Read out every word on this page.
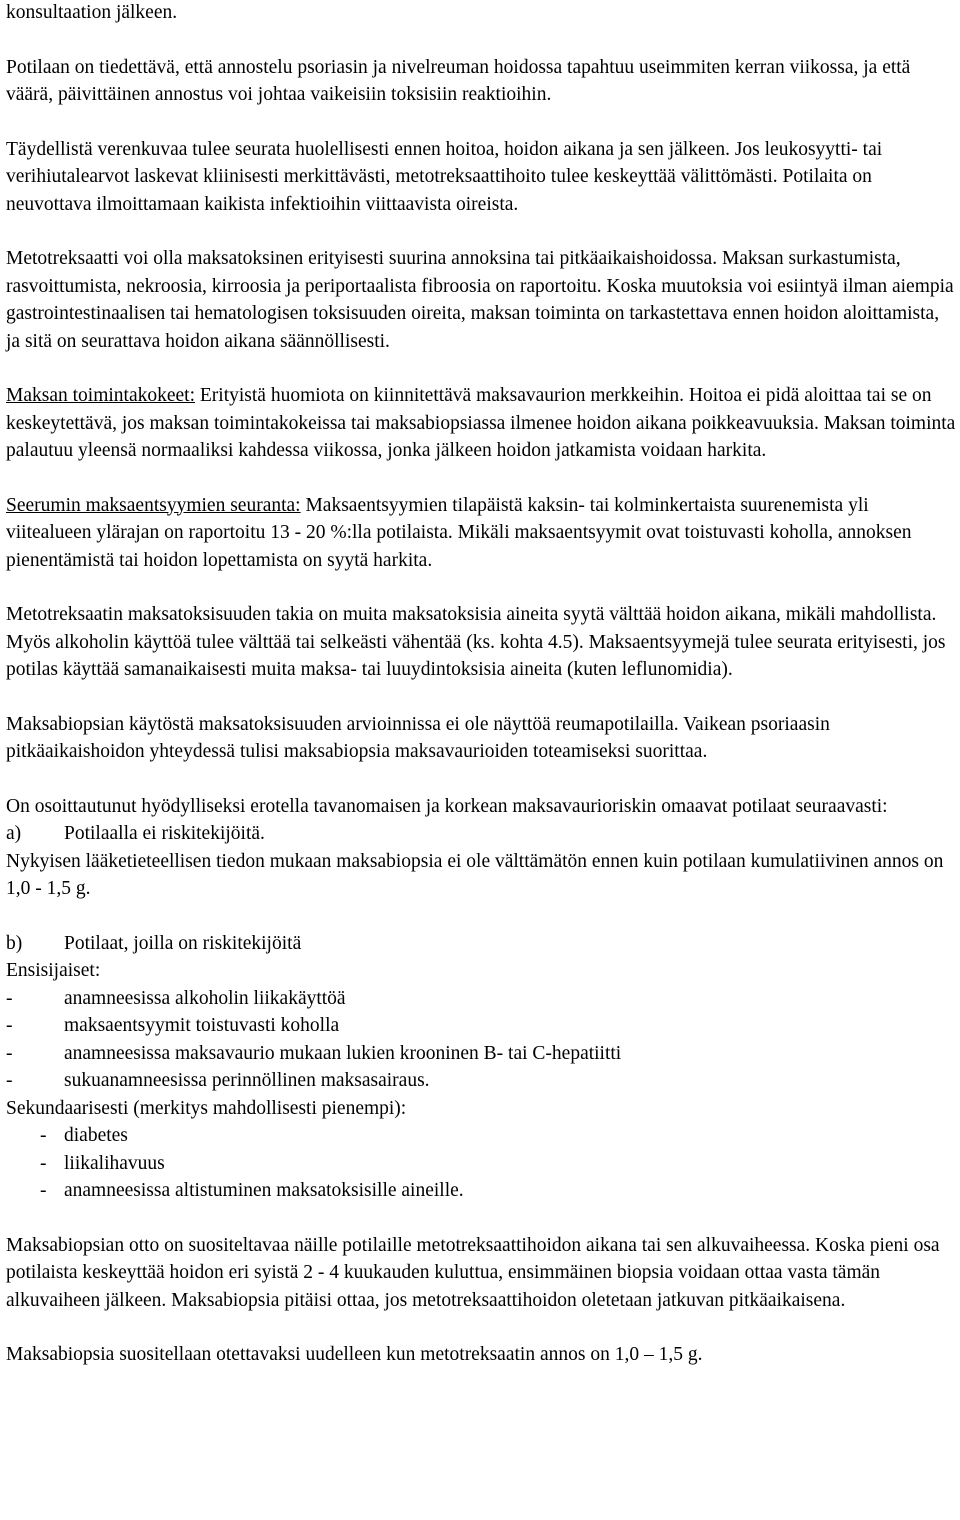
konsultaation jälkeen.

Potilaan on tiedettävä, että annostelu psoriasin ja nivelreuman hoidossa tapahtuu useimmiten kerran viikossa, ja että väärä, päivittäinen annostus voi johtaa vaikeisiin toksisiin reaktioihin.

Täydellistä verenkuvaa tulee seurata huolellisesti ennen hoitoa, hoidon aikana ja sen jälkeen. Jos leukosyytti- tai verihiutalearvot laskevat kliinisesti merkittävästi, metotreksaattihoito tulee keskeyttää välittömästi. Potilaita on neuvottava ilmoittamaan kaikista infektioihin viittaavista oireista.

Metotreksaatti voi olla maksatoksinen erityisesti suurina annoksina tai pitkäaikaishoidossa. Maksan surkastumista, rasvoittumista, nekroosia, kirroosia ja periportaalista fibroosia on raportoitu. Koska muutoksia voi esiintyä ilman aiempia gastrointestinaalisen tai hematologisen toksisuuden oireita, maksan toiminta on tarkastettava ennen hoidon aloittamista, ja sitä on seurattava hoidon aikana säännöllisesti.

Maksan toimintakokeet: Erityistä huomiota on kiinnitettävä maksavaurion merkkeihin. Hoitoa ei pidä aloittaa tai se on keskeytettävä, jos maksan toimintakokeissa tai maksabiopsiassa ilmenee hoidon aikana poikkeavuuksia. Maksan toiminta palautuu yleensä normaaliksi kahdessa viikossa, jonka jälkeen hoidon jatkamista voidaan harkita.

Seerumin maksaentsyymien seuranta: Maksaentsyymien tilapäistä kaksin- tai kolminkertaista suurenemista yli viitealueen ylärajan on raportoitu 13 - 20 %:lla potilaista. Mikäli maksaentsyymit ovat toistuvasti koholla, annoksen pienentämistä tai hoidon lopettamista on syytä harkita.

Metotreksaatin maksatoksisuuden takia on muita maksatoksisia aineita syytä välttää hoidon aikana, mikäli mahdollista. Myös alkoholin käyttöä tulee välttää tai selkeästi vähentää (ks. kohta 4.5). Maksaentsyymejä tulee seurata erityisesti, jos potilas käyttää samanaikaisesti muita maksa- tai luuydintoksisia aineita (kuten leflunomidia).

Maksabiopsian käytöstä maksatoksisuuden arvioinnissa ei ole näyttöä reumapotilailla. Vaikean psoriaasin pitkäaikaishoidon yhteydessä tulisi maksabiopsia maksavaurioiden toteamiseksi suorittaa.

On osoittautunut hyödylliseksi erotella tavanomaisen ja korkean maksavaurioriskin omaavat potilaat seuraavasti:

a)	Potilaalla ei riskitekijöitä.

Nykyisen lääketieteellisen tiedon mukaan maksabiopsia ei ole välttämätön ennen kuin potilaan kumulatiivinen annos on 1,0 - 1,5 g.

b)	Potilaat, joilla on riskitekijöitä

Ensisijaiset:

-	anamneesissa alkoholin liikakäyttöä
-	maksaentsyymit toistuvasti koholla
-	anamneesissa maksavaurio mukaan lukien krooninen B- tai C-hepatiitti
-	sukuanamneesissa perinnöllinen maksasairaus.

Sekundaarisesti (merkitys mahdollisesti pienempi):

- diabetes
- liikalihavuus
- anamneesissa altistuminen maksatoksisille aineille.

Maksabiopsian otto on suositeltavaa näille potilaille metotreksaattihoidon aikana tai sen alkuvaiheessa. Koska pieni osa potilaista keskeyttää hoidon eri syistä 2 - 4 kuukauden kuluttua, ensimmäinen biopsia voidaan ottaa vasta tämän alkuvaiheen jälkeen. Maksabiopsia pitäisi ottaa, jos metotreksaattihoidon oletetaan jatkuvan pitkäaikaisena.

Maksabiopsia suositellaan otettavaksi uudelleen kun metotreksaatin annos on 1,0 – 1,5 g.
